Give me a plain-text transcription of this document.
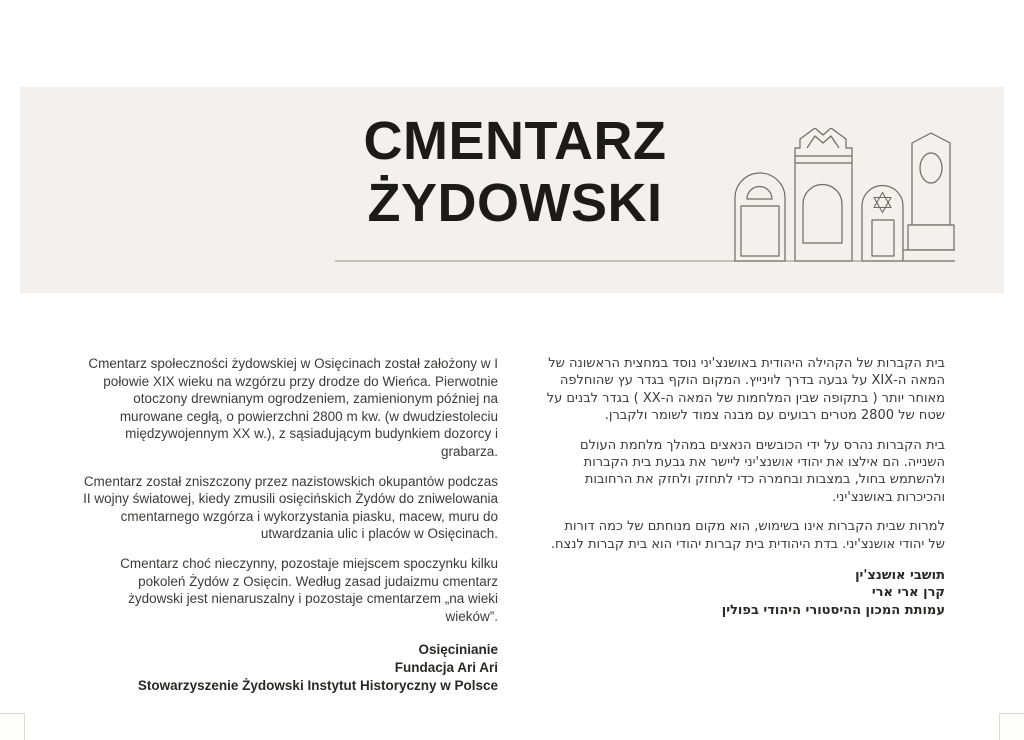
CMENTARZ
ŻYDOWSKI

Cmentarz społeczności żydowskiej w Osięcinach został założony w I połowie XIX wieku na wzgórzu przy drodze do Wieńca. Pierwotnie otoczony drewnianym ogrodzeniem, zamienionym później na murowane cegłą, o powierzchni 2800 m kw. (w dwudziestoleciu międzywojennym XX w.), z sąsiadującym budynkiem dozorcy i grabarza.

Cmentarz został zniszczony przez nazistowskich okupantów podczas II wojny światowej, kiedy zmusili osięcińskich Żydów do zniwelowania cmentarnego wzgórza i wykorzystania piasku, macew, muru do utwardzania ulic i placów w Osięcinach.

Cmentarz choć nieczynny, pozostaje miejscem spoczynku kilku pokoleń Żydów z Osięcin. Według zasad judaizmu cmentarz żydowski jest nienaruszalny i pozostaje cmentarzem „na wieki wieków”.

Osięcinianie
Fundacja Ari Ari
Stowarzyszenie Żydowski Instytut Historyczny w Polsce

בית הקברות של הקהילה היהודית באושנצ'יני נוסד במחצית הראשונה של המאה ה-XIX על גבעה בדרך לוינייץ. המקום הוקף בגדר עץ שהוחלפה מאוחר יותר ( בתקופה שבין המלחמות של המאה ה-XX ) בגדר לבנים על שטח של 2800 מטרים רבועים עם מבנה צמוד לשומר ולקברן.

בית הקברות נהרס על ידי הכובשים הנאצים במהלך מלחמת העולם השנייה. הם אילצו את יהודי אושנצ'יני ליישר את גבעת בית הקברות ולהשתמש בחול, במצבות ובחמרה כדי לתחזק ולחזק את הרחובות והכיכרות באושנצ'יני.

למרות שבית הקברות אינו בשימוש, הוא מקום מנוחתם של כמה דורות של יהודי אושנצ'יני. בדת היהודית בית קברות יהודי הוא בית קברות לנצח.

תושבי אושנצ'ין
קרן ארי ארי
עמותת המכון ההיסטורי היהודי בפולין
